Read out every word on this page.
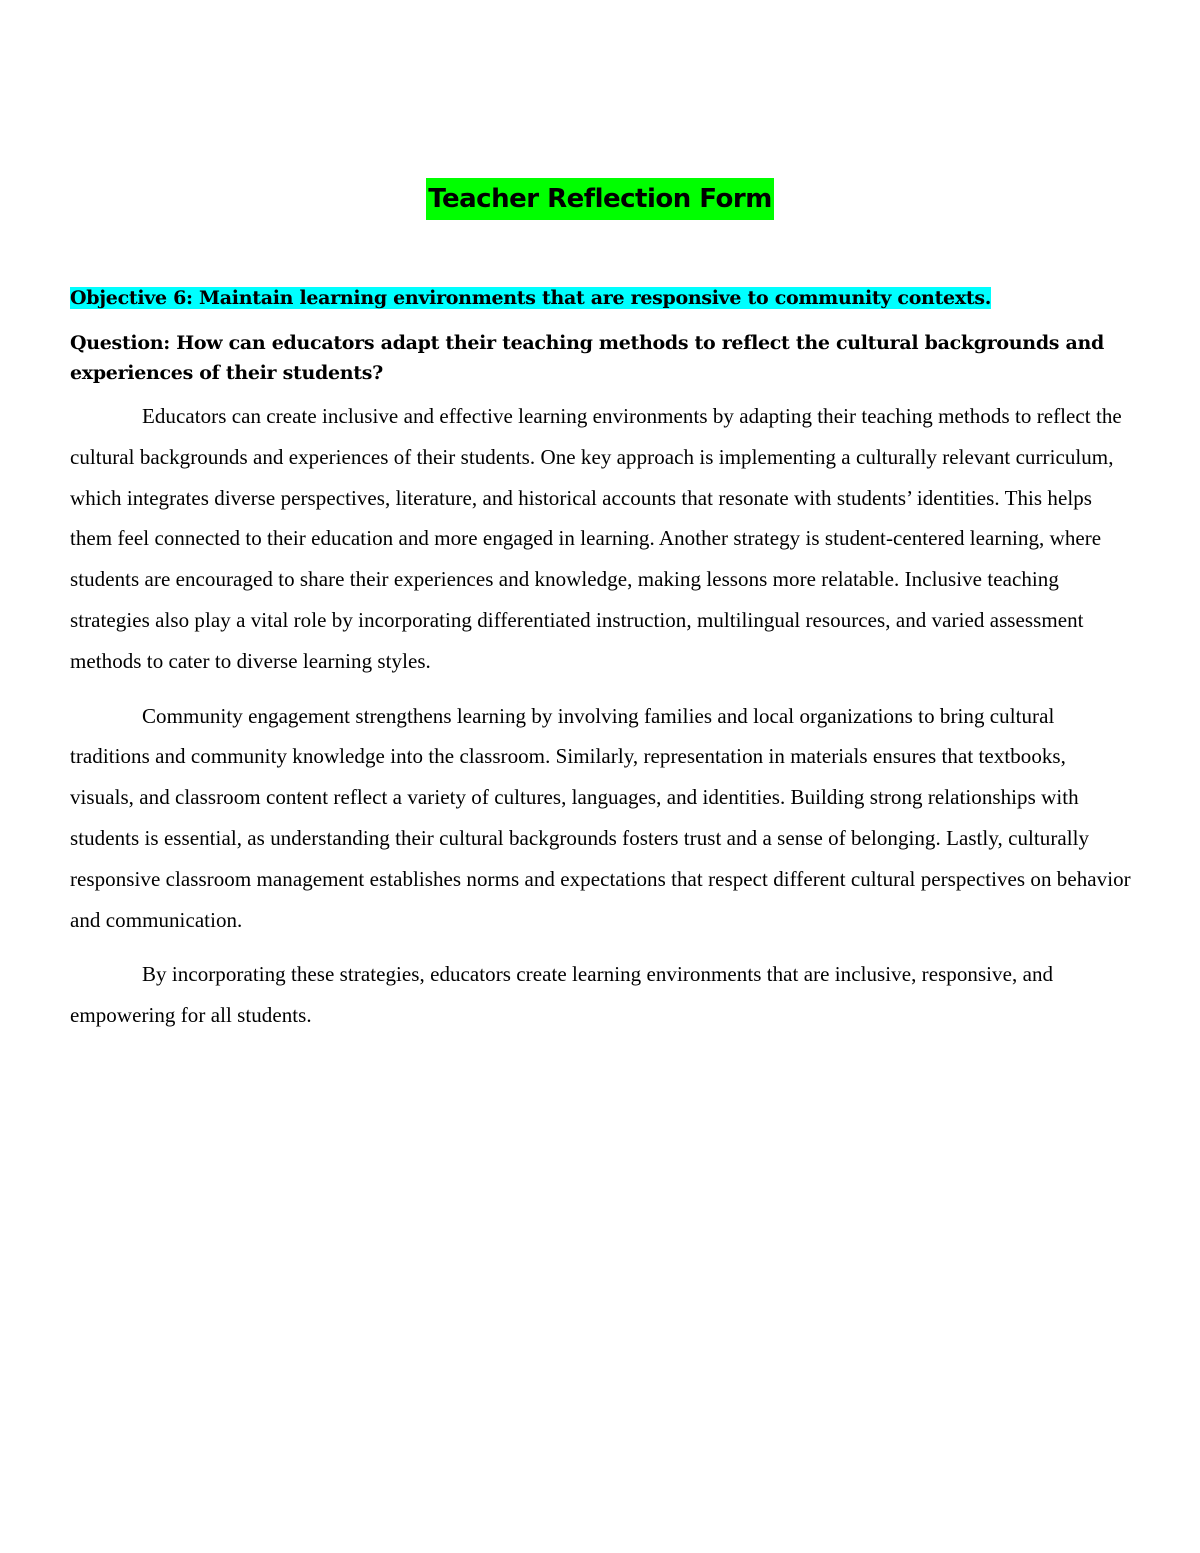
Teacher Reflection Form

Objective 6: Maintain learning environments that are responsive to community contexts.

Question: How can educators adapt their teaching methods to reflect the cultural backgrounds and experiences of their students?

Educators can create inclusive and effective learning environments by adapting their teaching methods to reflect the cultural backgrounds and experiences of their students. One key approach is implementing a culturally relevant curriculum, which integrates diverse perspectives, literature, and historical accounts that resonate with students’ identities. This helps them feel connected to their education and more engaged in learning. Another strategy is student-centered learning, where students are encouraged to share their experiences and knowledge, making lessons more relatable. Inclusive teaching strategies also play a vital role by incorporating differentiated instruction, multilingual resources, and varied assessment methods to cater to diverse learning styles.

Community engagement strengthens learning by involving families and local organizations to bring cultural traditions and community knowledge into the classroom. Similarly, representation in materials ensures that textbooks, visuals, and classroom content reflect a variety of cultures, languages, and identities. Building strong relationships with students is essential, as understanding their cultural backgrounds fosters trust and a sense of belonging. Lastly, culturally responsive classroom management establishes norms and expectations that respect different cultural perspectives on behavior and communication.

By incorporating these strategies, educators create learning environments that are inclusive, responsive, and empowering for all students.
